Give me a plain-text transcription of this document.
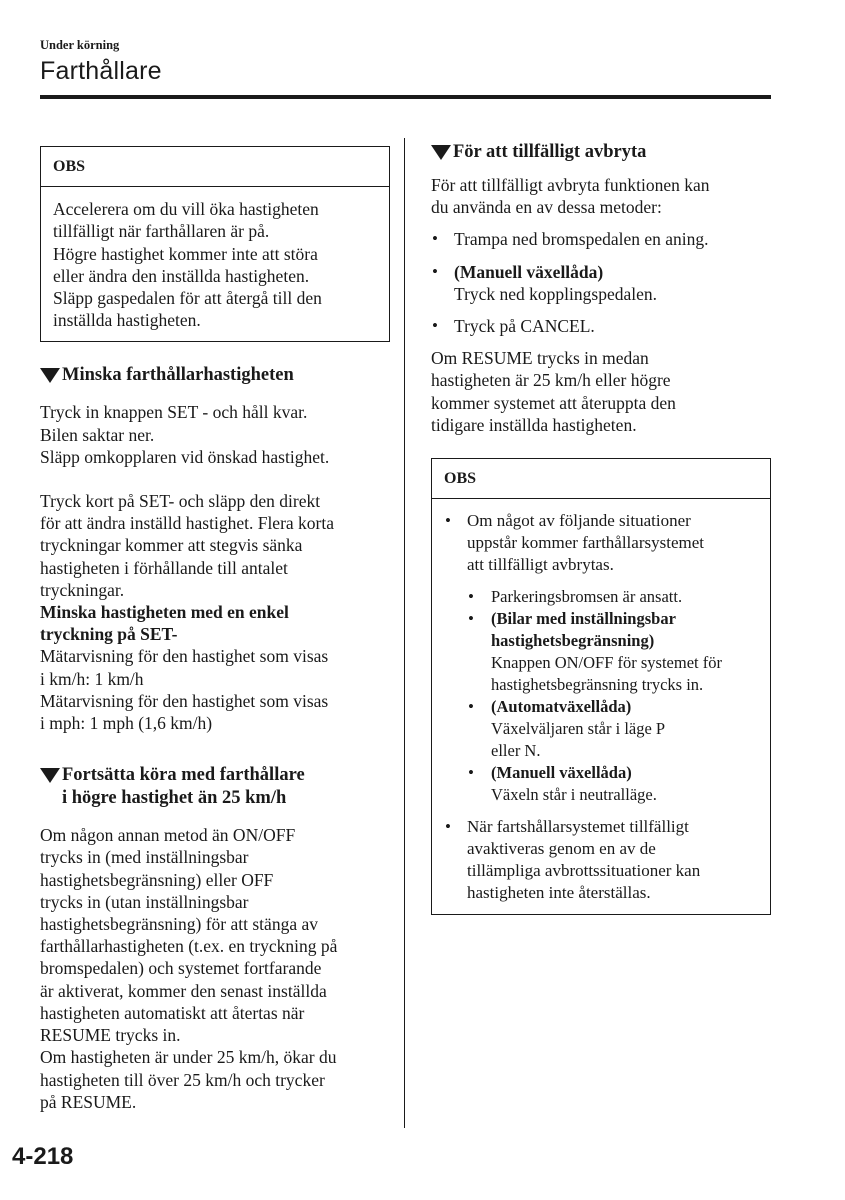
Under körning
Farthållare
OBS

Accelerera om du vill öka hastigheten

tillfälligt när farthållaren är på.

Högre hastighet kommer inte att störa

eller ändra den inställda hastigheten.

Släpp gaspedalen för att återgå till den

inställda hastigheten.

Minska farthållarhastigheten

Tryck in knappen SET - och håll kvar.

Bilen saktar ner.

Släpp omkopplaren vid önskad hastighet.

Tryck kort på SET- och släpp den direkt

för att ändra inställd hastighet. Flera korta

tryckningar kommer att stegvis sänka

hastigheten i förhållande till antalet

tryckningar.

Minska hastigheten med en enkel

tryckning på SET-

Mätarvisning för den hastighet som visas

i km/h: 1 km/h

Mätarvisning för den hastighet som visas

i mph: 1 mph (1,6 km/h)

Fortsätta köra med farthållare
i högre hastighet än 25 km/h

Om någon annan metod än ON/OFF

trycks in (med inställningsbar

hastighetsbegränsning) eller OFF

trycks in (utan inställningsbar

hastighetsbegränsning) för att stänga av

farthållarhastigheten (t.ex. en tryckning på

bromspedalen) och systemet fortfarande

är aktiverat, kommer den senast inställda

hastigheten automatiskt att återtas när

RESUME trycks in.

Om hastigheten är under 25 km/h, ökar du

hastigheten till över 25 km/h och trycker

på RESUME.

För att tillfälligt avbryta

För att tillfälligt avbryta funktionen kan

du använda en av dessa metoder:

• Trampa ned bromspedalen en aning.

• (Manuell växellåda)

Tryck ned kopplingspedalen.

• Tryck på CANCEL.

Om RESUME trycks in medan

hastigheten är 25 km/h eller högre

kommer systemet att återuppta den

tidigare inställda hastigheten.

OBS

• Om något av följande situationer

uppstår kommer farthållarsystemet

att tillfälligt avbrytas.

• Parkeringsbromsen är ansatt.

• (Bilar med inställningsbar

hastighetsbegränsning)

Knappen ON/OFF för systemet för

hastighetsbegränsning trycks in.

• (Automatväxellåda)

Växelväljaren står i läge P

eller N.

• (Manuell växellåda)

Växeln står i neutralläge.

• När fartshållarsystemet tillfälligt

avaktiveras genom en av de

tillämpliga avbrottssituationer kan

hastigheten inte återställas.

4-218
